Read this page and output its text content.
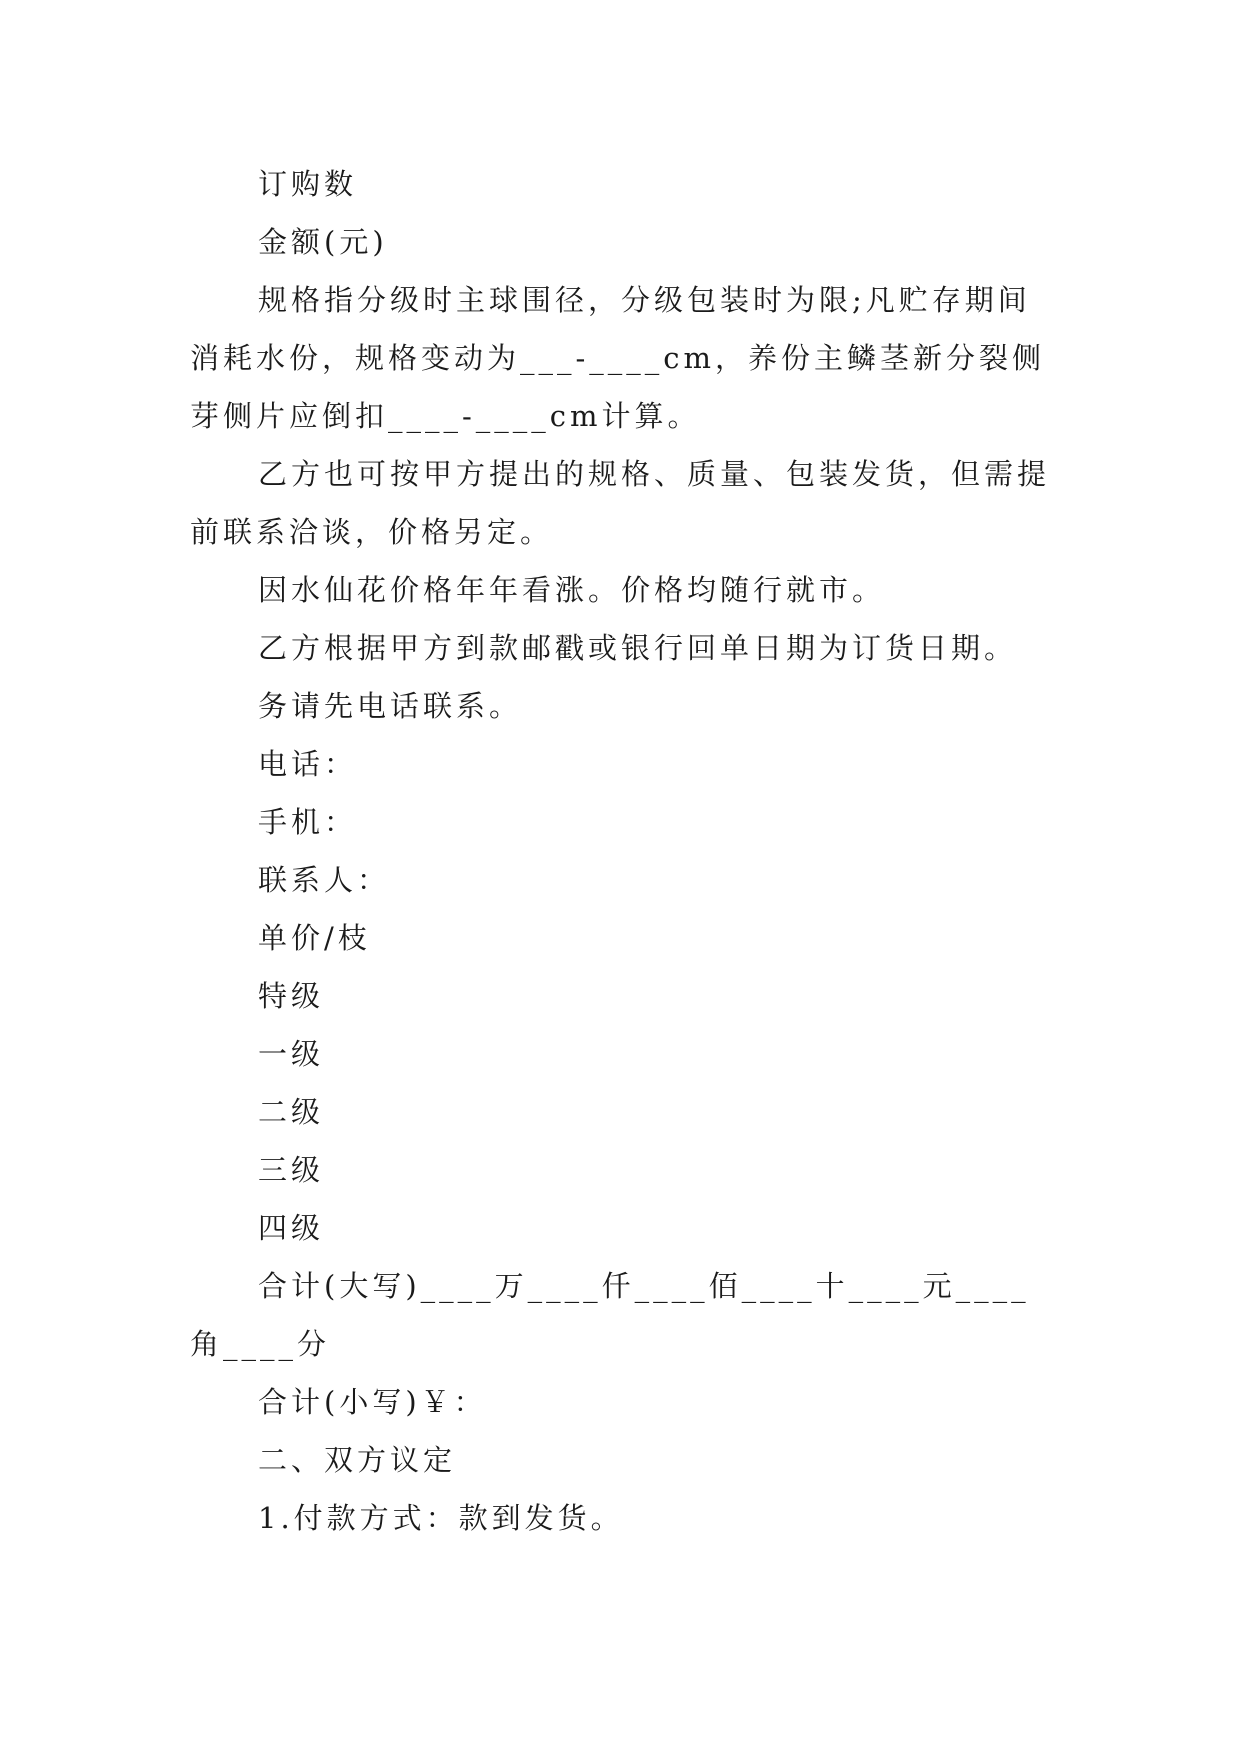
订购数

金额(元)

规格指分级时主球围径，分级包装时为限;凡贮存期间消耗水份，规格变动为___-____cm，养份主鳞茎新分裂侧芽侧片应倒扣____-____cm计算。

乙方也可按甲方提出的规格、质量、包装发货，但需提前联系洽谈，价格另定。

因水仙花价格年年看涨。价格均随行就市。

乙方根据甲方到款邮戳或银行回单日期为订货日期。

务请先电话联系。

电话：

手机：

联系人：

单价/枝

特级

一级

二级

三级

四级

合计(大写)____万____仟____佰____十____元____角____分

合计(小写)￥：

二、双方议定

1.付款方式：款到发货。
